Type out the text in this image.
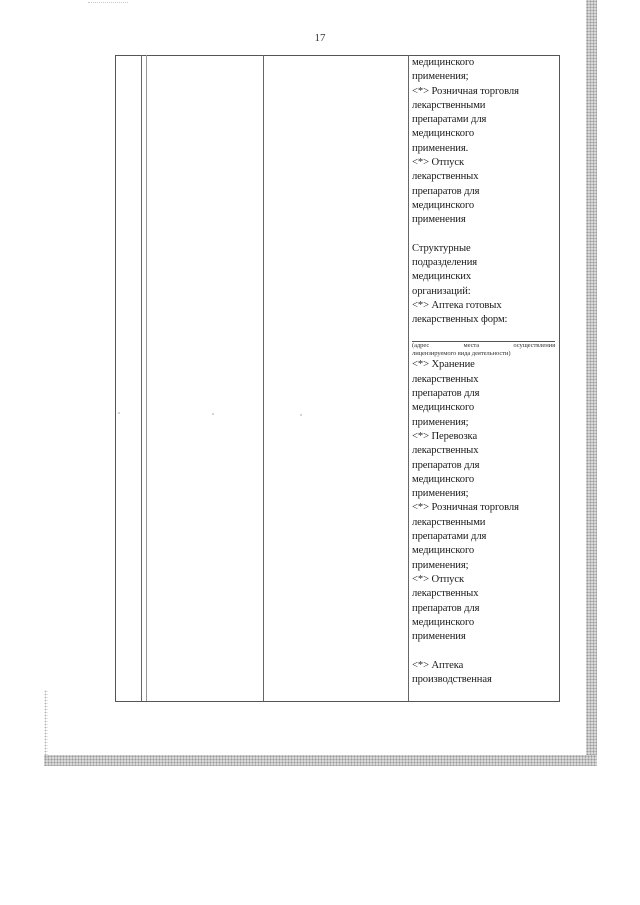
17
медицинского
применения;
<*> Розничная торговля
лекарственными
препаратами для
медицинского
применения.
<*> Отпуск
лекарственных
препаратов для
медицинского
применения
Структурные
подразделения
медицинских
организаций:
<*> Аптека готовых
лекарственных форм:
(адрес	места	осуществления
лицензируемого вида деятельности)
<*> Хранение
лекарственных
препаратов для
медицинского
применения;
<*> Перевозка
лекарственных
препаратов для
медицинского
применения;
<*> Розничная торговля
лекарственными
препаратами для
медицинского
применения;
<*> Отпуск
лекарственных
препаратов для
медицинского
применения
<*> Аптека
производственная
